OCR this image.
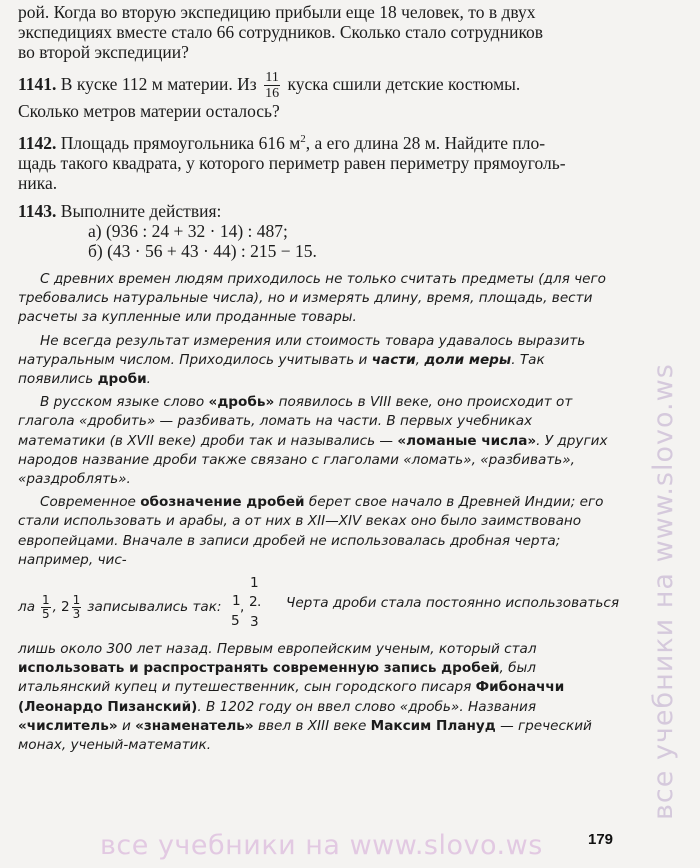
рой. Когда во вторую экспедицию прибыли еще 18 человек, то в двух

экспедициях вместе стало 66 сотрудников. Сколько стало сотрудников

во второй экспедиции?

1141. В куске 112 м материи. Из $\frac{11}{16}$ куска сшили детские костюмы.

Сколько метров материи осталось?

1142. Площадь прямоугольника 616 $м^2$, а его длина 28 м. Найдите пло-

щадь такого квадрата, у которого периметр равен периметру прямоуголь-

ника.

1143. Выполните действия:

а) (936 : 24 + 32 · 14) : 487;

б) (43 · 56 + 43 · 44) : 215 − 15.

С древних времен людям приходилось не только считать предметы (для чего требовались натуральные числа), но и измерять длину, время, площадь, вести расчеты за купленные или проданные товары.

Не всегда результат измерения или стоимость товара удавалось выразить натуральным числом. Приходилось учитывать и части, доли меры. Так появились дроби.

В русском языке слово «дробь» появилось в VIII веке, оно происходит от глагола «дробить» — разбивать, ломать на части. В первых учебниках математики (в XVII веке) дроби так и назывались — «ломаные числа». У других народов название дроби также связано с глаголами «ломать», «разбивать», «раздроблять».

Современное обозначение дробей берет свое начало в Древней Индии; его стали использовать и арабы, а от них в XII—XIV веках оно было заимствовано европейцами. Вначале в записи дробей не использовалась дробная черта; например, чис-

ла $\frac{1}{5}$ , $2 \frac{1}{3}$ записывались так: 1 ,
5
1
2 .
3
Черта дроби стала постоянно использоваться

лишь около 300 лет назад. Первым европейским ученым, который стал использовать и распространять современную запись дробей, был итальянский купец и путешественник, сын городского писаря Фибоначчи (Леонардо Пизанский). В 1202 году он ввел слово «дробь». Названия «числитель» и «знаменатель» ввел в XIII веке Максим Плануд — греческий монах, ученый-математик.	все учебники на www.slovo.ws
все учебники на www.slovo.ws	179
